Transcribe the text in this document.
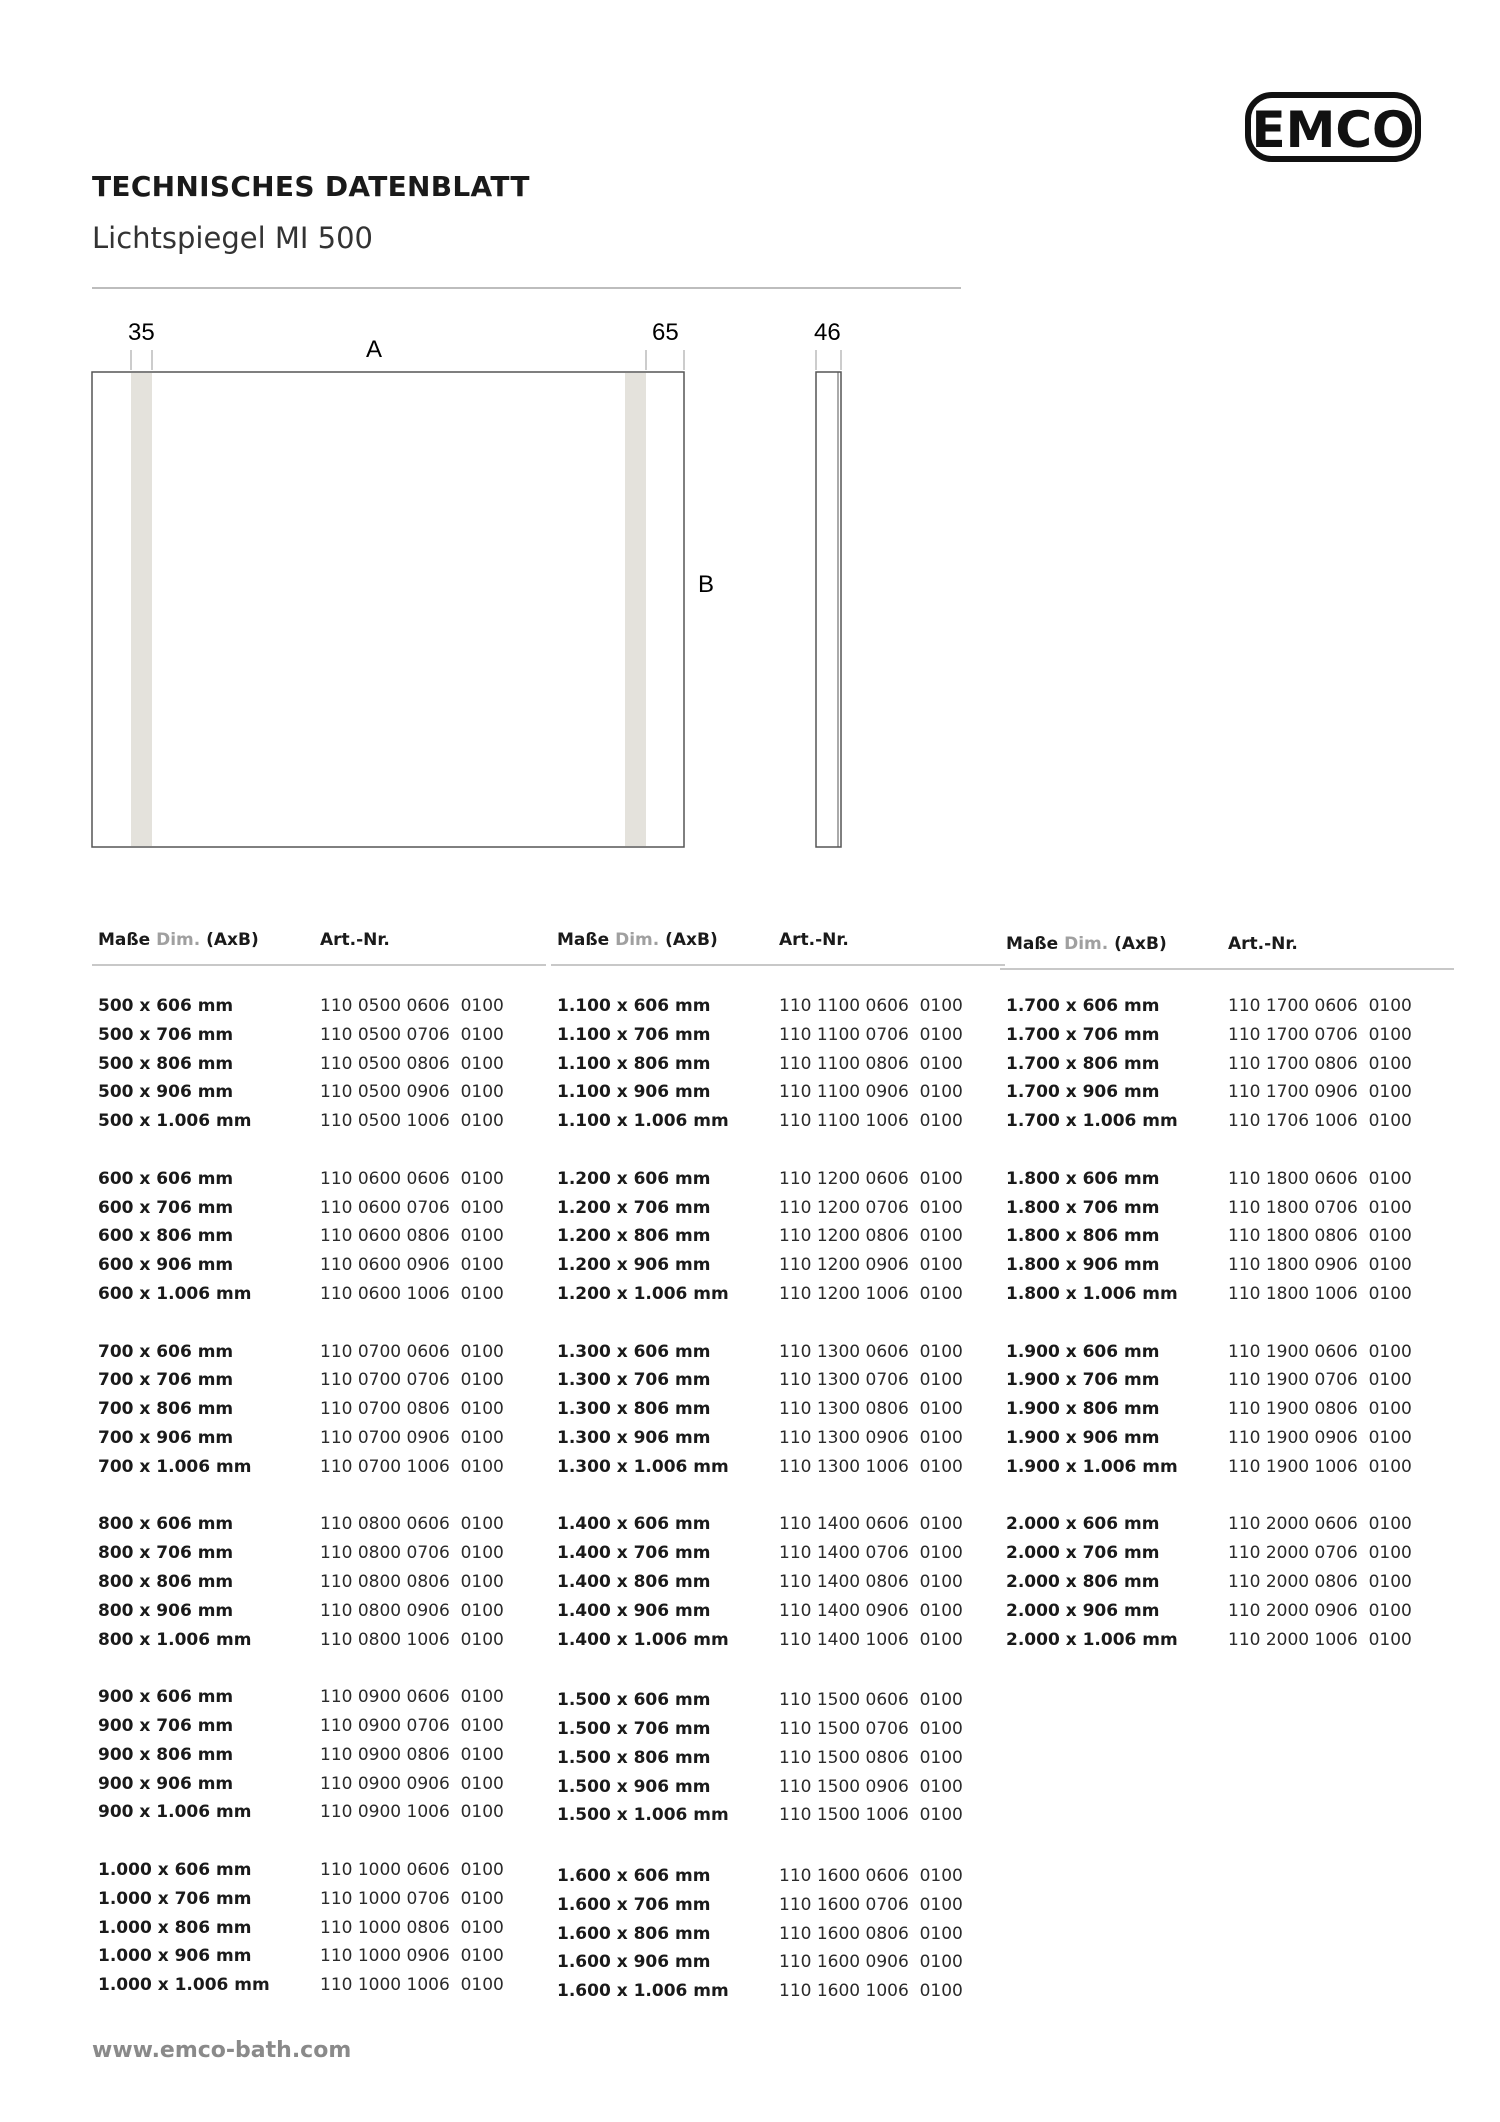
EMCO
TECHNISCHES DATENBLATT
Lichtspiegel MI 500
35
A
65	46
B
Maße Dim. (AxB)	Art.-Nr.
500 x 606 mm	110 0500 0606  0100
500 x 706 mm	110 0500 0706  0100
500 x 806 mm	110 0500 0806  0100
500 x 906 mm	110 0500 0906  0100
500 x 1.006 mm	110 0500 1006  0100
600 x 606 mm	110 0600 0606  0100
600 x 706 mm	110 0600 0706  0100
600 x 806 mm	110 0600 0806  0100
600 x 906 mm	110 0600 0906  0100
600 x 1.006 mm	110 0600 1006  0100
700 x 606 mm	110 0700 0606  0100
700 x 706 mm	110 0700 0706  0100
700 x 806 mm	110 0700 0806  0100
700 x 906 mm	110 0700 0906  0100
700 x 1.006 mm	110 0700 1006  0100
800 x 606 mm	110 0800 0606  0100
800 x 706 mm	110 0800 0706  0100
800 x 806 mm	110 0800 0806  0100
800 x 906 mm	110 0800 0906  0100
800 x 1.006 mm	110 0800 1006  0100
900 x 606 mm	110 0900 0606  0100
900 x 706 mm	110 0900 0706  0100
900 x 806 mm	110 0900 0806  0100
900 x 906 mm	110 0900 0906  0100
900 x 1.006 mm	110 0900 1006  0100
1.000 x 606 mm	110 1000 0606  0100
1.000 x 706 mm	110 1000 0706  0100
1.000 x 806 mm	110 1000 0806  0100
1.000 x 906 mm	110 1000 0906  0100
1.000 x 1.006 mm	110 1000 1006  0100
Maße Dim. (AxB)	Art.-Nr.
1.100 x 606 mm	110 1100 0606  0100
1.100 x 706 mm	110 1100 0706  0100
1.100 x 806 mm	110 1100 0806  0100
1.100 x 906 mm	110 1100 0906  0100
1.100 x 1.006 mm	110 1100 1006  0100
1.200 x 606 mm	110 1200 0606  0100
1.200 x 706 mm	110 1200 0706  0100
1.200 x 806 mm	110 1200 0806  0100
1.200 x 906 mm	110 1200 0906  0100
1.200 x 1.006 mm	110 1200 1006  0100
1.300 x 606 mm	110 1300 0606  0100
1.300 x 706 mm	110 1300 0706  0100
1.300 x 806 mm	110 1300 0806  0100
1.300 x 906 mm	110 1300 0906  0100
1.300 x 1.006 mm	110 1300 1006  0100
1.400 x 606 mm	110 1400 0606  0100
1.400 x 706 mm	110 1400 0706  0100
1.400 x 806 mm	110 1400 0806  0100
1.400 x 906 mm	110 1400 0906  0100
1.400 x 1.006 mm	110 1400 1006  0100
1.500 x 606 mm	110 1500 0606  0100
1.500 x 706 mm	110 1500 0706  0100
1.500 x 806 mm	110 1500 0806  0100
1.500 x 906 mm	110 1500 0906  0100
1.500 x 1.006 mm	110 1500 1006  0100
1.600 x 606 mm	110 1600 0606  0100
1.600 x 706 mm	110 1600 0706  0100
1.600 x 806 mm	110 1600 0806  0100
1.600 x 906 mm	110 1600 0906  0100
1.600 x 1.006 mm	110 1600 1006  0100
Maße Dim. (AxB)	Art.-Nr.
1.700 x 606 mm	110 1700 0606  0100
1.700 x 706 mm	110 1700 0706  0100
1.700 x 806 mm	110 1700 0806  0100
1.700 x 906 mm	110 1700 0906  0100
1.700 x 1.006 mm	110 1706 1006  0100
1.800 x 606 mm	110 1800 0606  0100
1.800 x 706 mm	110 1800 0706  0100
1.800 x 806 mm	110 1800 0806  0100
1.800 x 906 mm	110 1800 0906  0100
1.800 x 1.006 mm	110 1800 1006  0100
1.900 x 606 mm	110 1900 0606  0100
1.900 x 706 mm	110 1900 0706  0100
1.900 x 806 mm	110 1900 0806  0100
1.900 x 906 mm	110 1900 0906  0100
1.900 x 1.006 mm	110 1900 1006  0100
2.000 x 606 mm	110 2000 0606  0100
2.000 x 706 mm	110 2000 0706  0100
2.000 x 806 mm	110 2000 0806  0100
2.000 x 906 mm	110 2000 0906  0100
2.000 x 1.006 mm	110 2000 1006  0100
www.emco-bath.com
